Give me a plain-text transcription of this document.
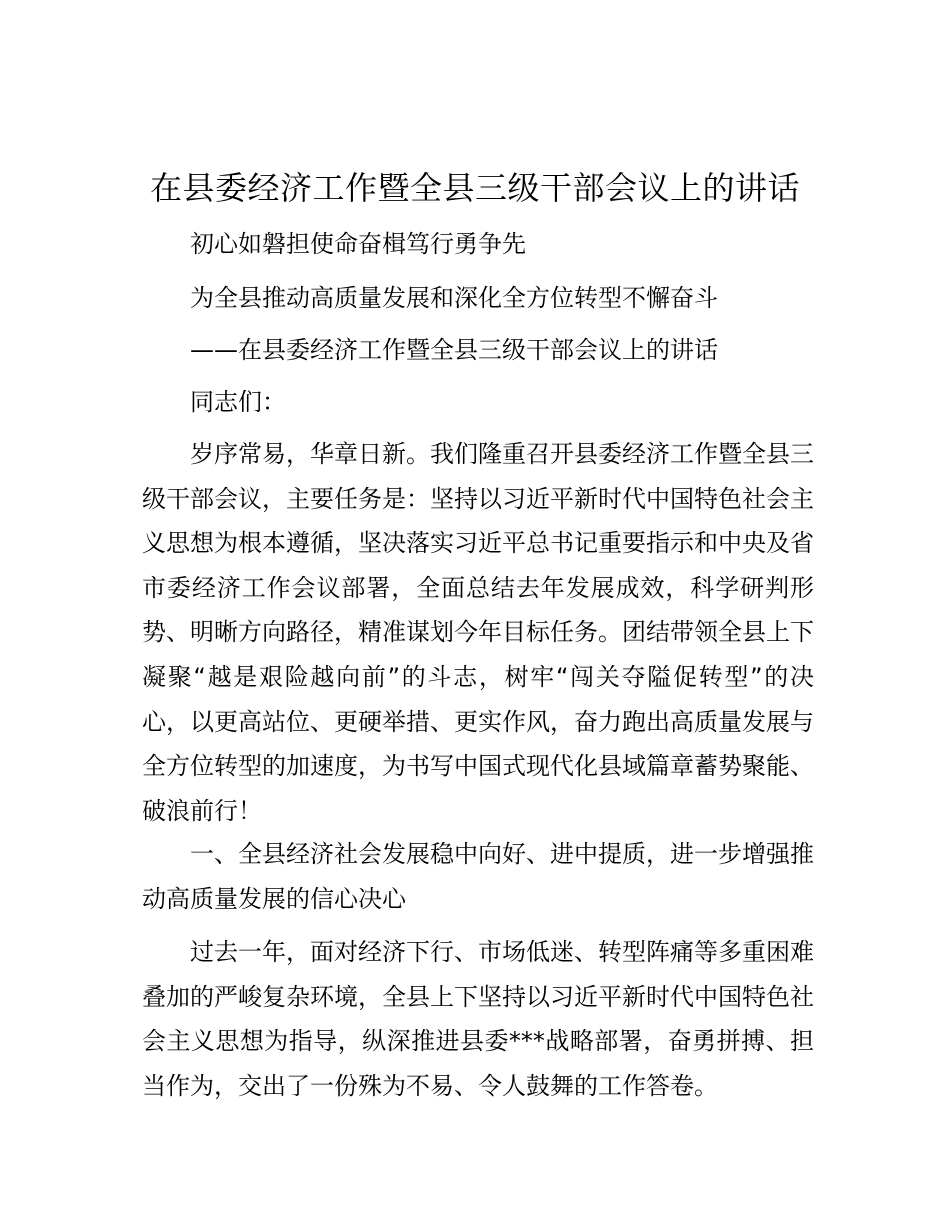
在县委经济工作暨全县三级干部会议上的讲话
初心如磐担使命奋楫笃行勇争先
为全县推动高质量发展和深化全方位转型不懈奋斗
——在县委经济工作暨全县三级干部会议上的讲话
同志们：

岁序常易，华章日新。我们隆重召开县委经济工作暨全县三级干部会议，主要任务是：坚持以习近平新时代中国特色社会主义思想为根本遵循，坚决落实习近平总书记重要指示和中央及省市委经济工作会议部署，全面总结去年发展成效，科学研判形势、明晰方向路径，精准谋划今年目标任务。团结带领全县上下凝聚“越是艰险越向前”的斗志，树牢“闯关夺隘促转型”的决心，以更高站位、更硬举措、更实作风，奋力跑出高质量发展与全方位转型的加速度，为书写中国式现代化县域篇章蓄势聚能、破浪前行！

一、全县经济社会发展稳中向好、进中提质，进一步增强推动高质量发展的信心决心

过去一年，面对经济下行、市场低迷、转型阵痛等多重困难叠加的严峻复杂环境，全县上下坚持以习近平新时代中国特色社会主义思想为指导，纵深推进县委***战略部署，奋勇拼搏、担当作为，交出了一份殊为不易、令人鼓舞的工作答卷。
